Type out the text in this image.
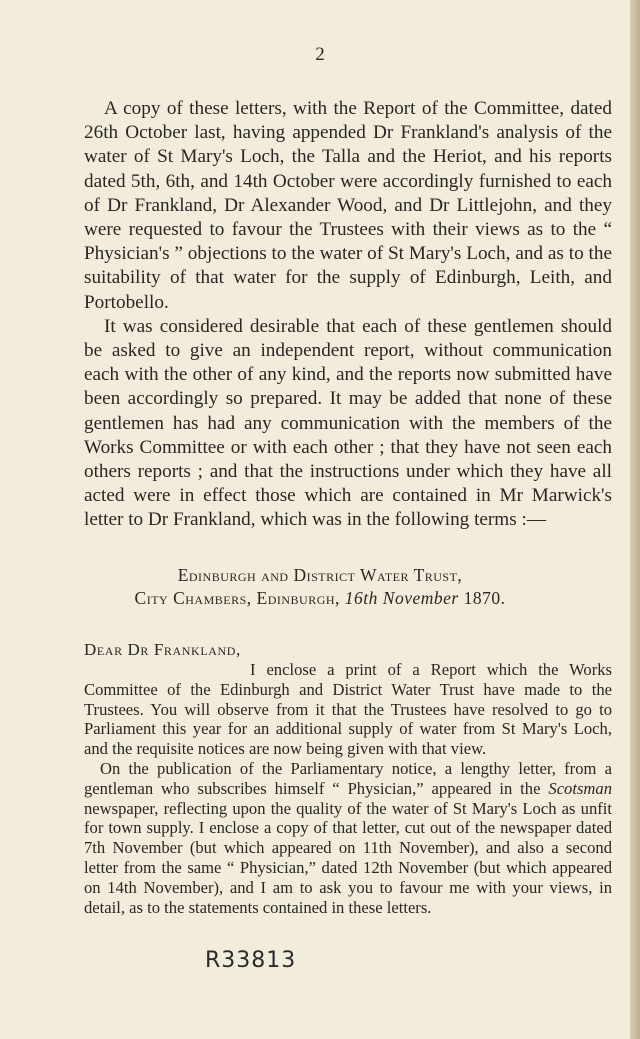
2

A copy of these letters, with the Report of the Committee, dated 26th October last, having appended Dr Frankland's analysis of the water of St Mary's Loch, the Talla and the Heriot, and his reports dated 5th, 6th, and 14th October were accordingly furnished to each of Dr Frankland, Dr Alexander Wood, and Dr Littlejohn, and they were requested to favour the Trustees with their views as to the “ Physician's ” objections to the water of St Mary's Loch, and as to the suitability of that water for the supply of Edinburgh, Leith, and Portobello.

It was considered desirable that each of these gentlemen should be asked to give an independent report, without communication each with the other of any kind, and the reports now submitted have been accordingly so prepared. It may be added that none of these gentlemen has had any communication with the members of the Works Committee or with each other ; that they have not seen each others reports ; and that the instructions under which they have all acted were in effect those which are contained in Mr Marwick's letter to Dr Frankland, which was in the following terms :—

Edinburgh and District Water Trust,
City Chambers, Edinburgh, 16th November 1870.
Dear Dr Frankland,

I enclose a print of a Report which the Works Committee of the Edinburgh and District Water Trust have made to the Trustees. You will observe from it that the Trustees have resolved to go to Parliament this year for an additional supply of water from St Mary's Loch, and the requisite notices are now being given with that view.

On the publication of the Parliamentary notice, a lengthy letter, from a gentleman who subscribes himself “ Physician,” appeared in the Scotsman newspaper, reflecting upon the quality of the water of St Mary's Loch as unfit for town supply. I enclose a copy of that letter, cut out of the newspaper dated 7th November (but which appeared on 11th November), and also a second letter from the same “ Physician,” dated 12th November (but which appeared on 14th November), and I am to ask you to favour me with your views, in detail, as to the statements contained in these letters.

R33813
